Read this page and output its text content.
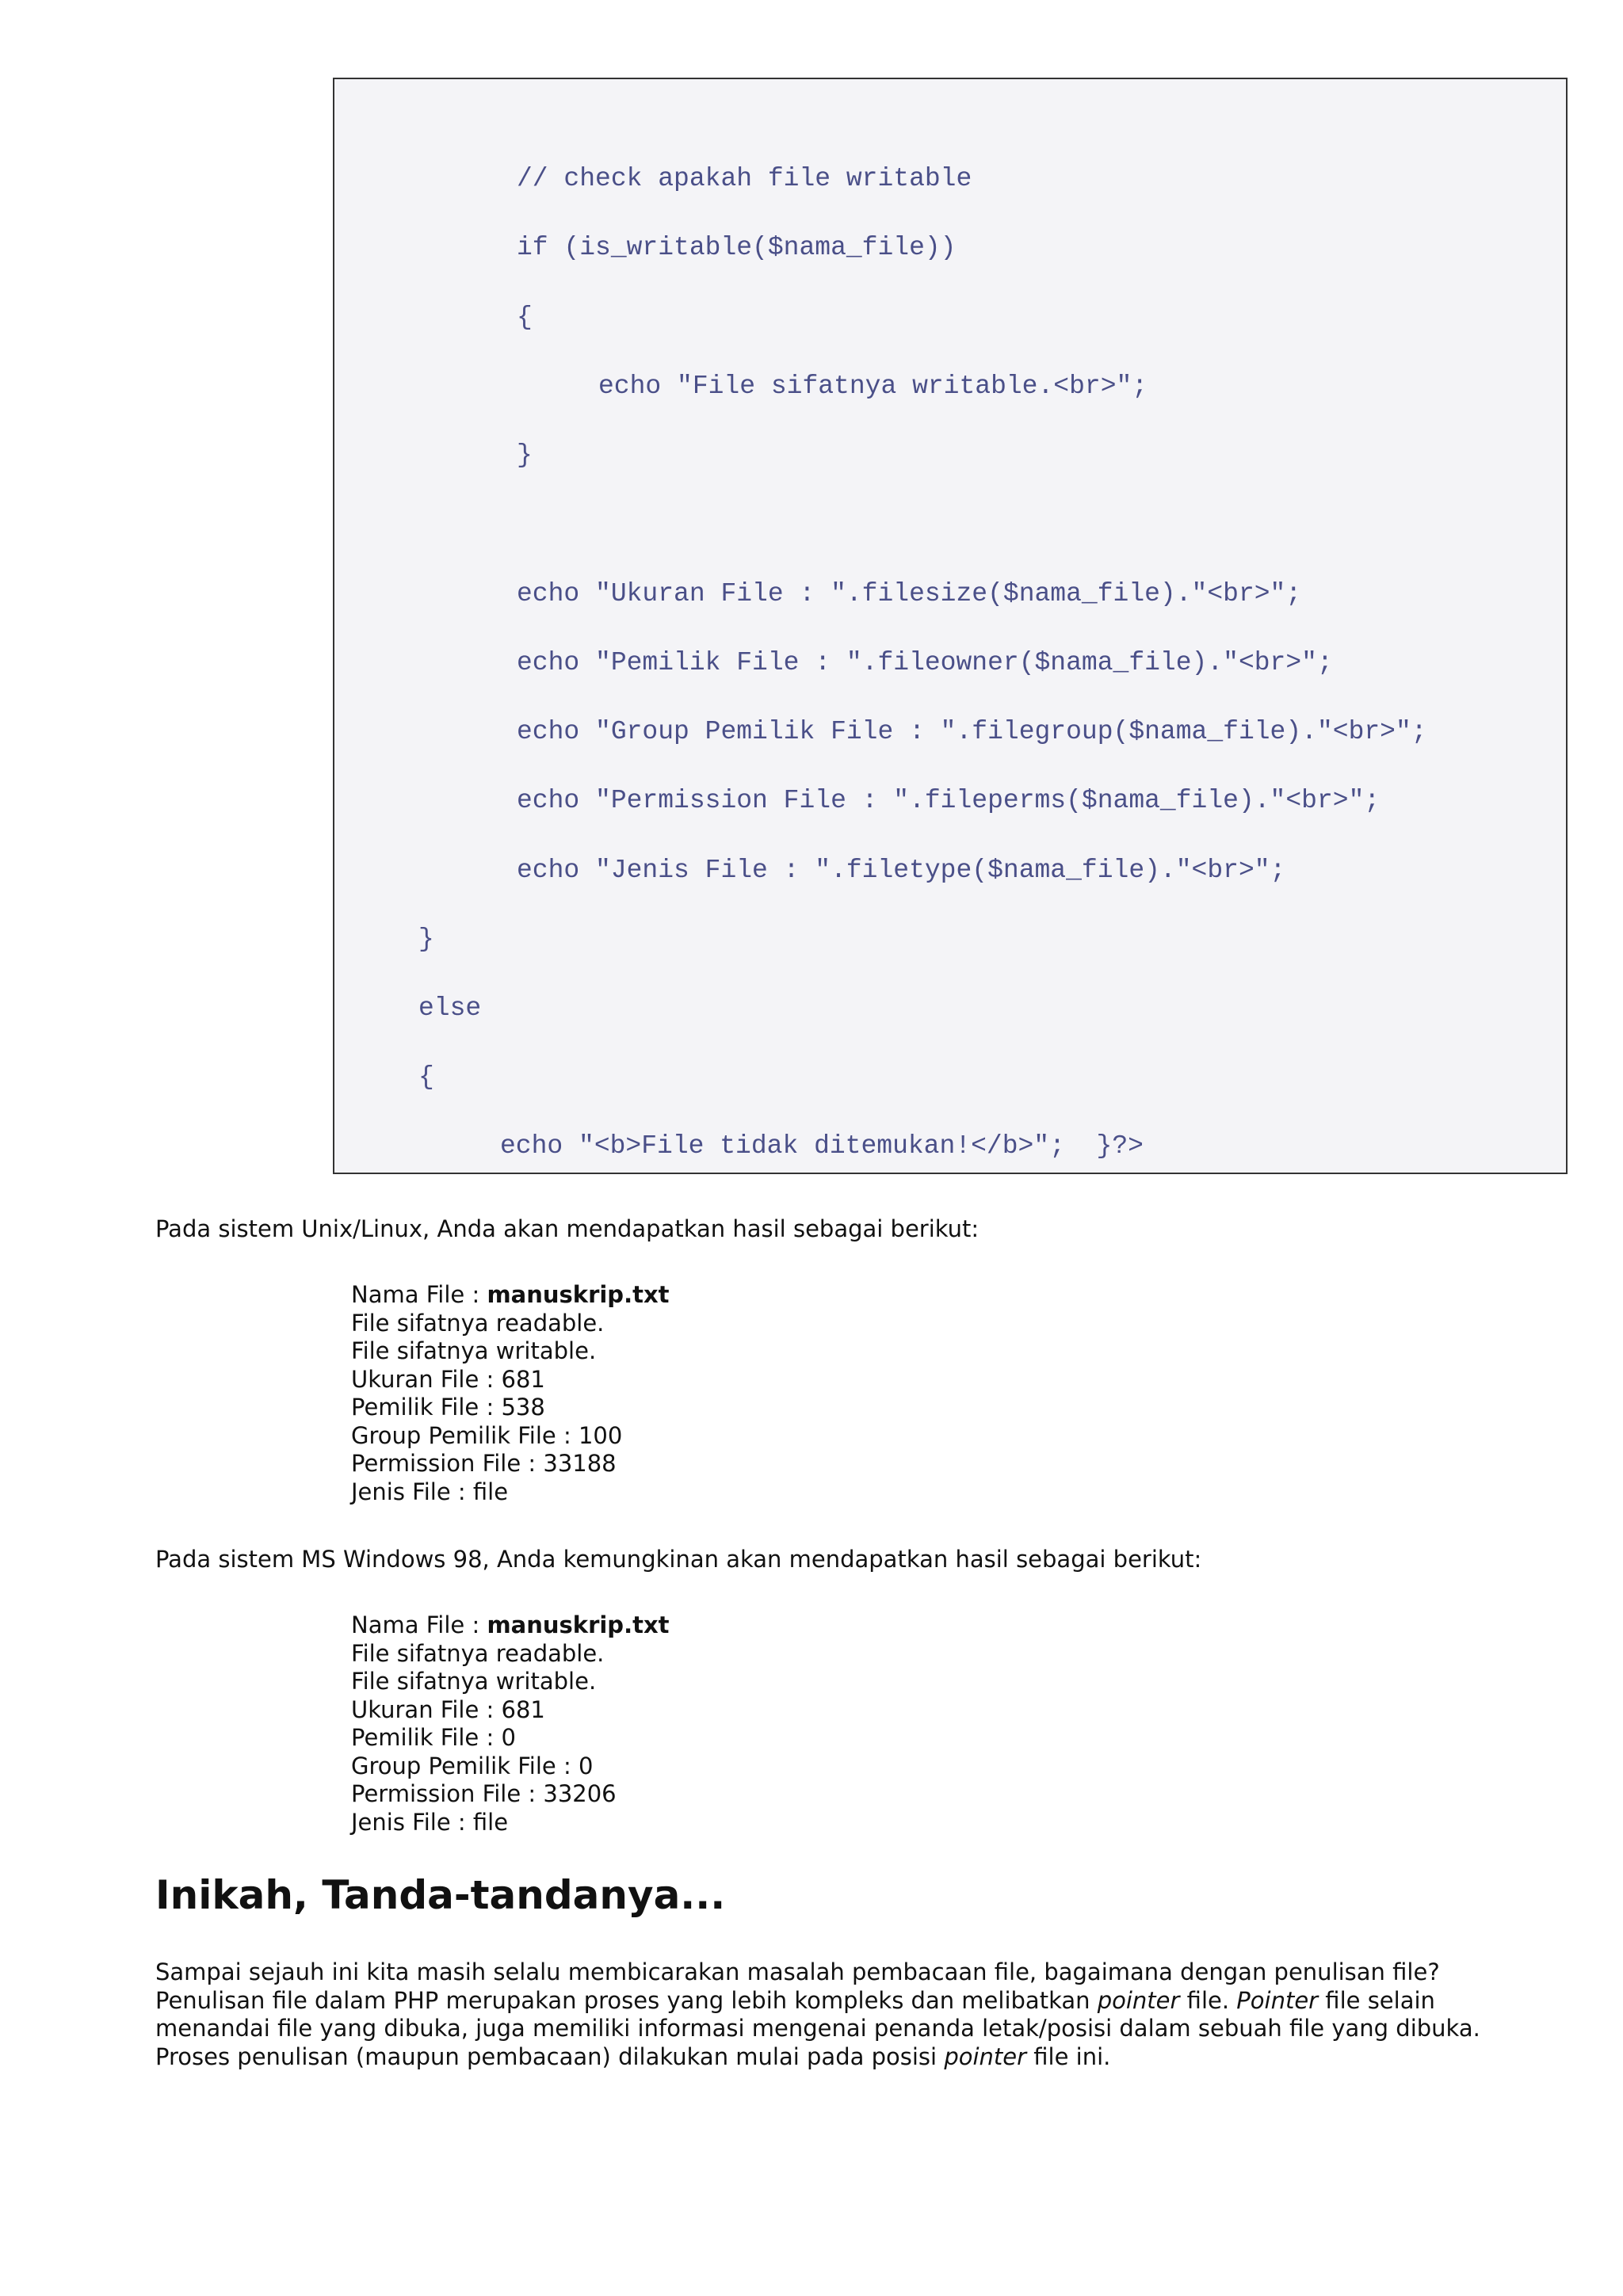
// check apakah file writable
if (is_writable($nama_file))
{
echo "File sifatnya writable.<br>";
}
echo "Ukuran File : ".filesize($nama_file)."<br>";
echo "Pemilik File : ".fileowner($nama_file)."<br>";
echo "Group Pemilik File : ".filegroup($nama_file)."<br>";
echo "Permission File : ".fileperms($nama_file)."<br>";
echo "Jenis File : ".filetype($nama_file)."<br>";
}
else
{
echo "<b>File tidak ditemukan!</b>";  }?>

Pada sistem Unix/Linux, Anda akan mendapatkan hasil sebagai berikut:

Nama File : manuskrip.txt
File sifatnya readable.
File sifatnya writable.
Ukuran File : 681
Pemilik File : 538
Group Pemilik File : 100
Permission File : 33188
Jenis File : file

Pada sistem MS Windows 98, Anda kemungkinan akan mendapatkan hasil sebagai berikut:

Nama File : manuskrip.txt
File sifatnya readable.
File sifatnya writable.
Ukuran File : 681
Pemilik File : 0
Group Pemilik File : 0
Permission File : 33206
Jenis File : file
Inikah, Tanda-tandanya...
Sampai sejauh ini kita masih selalu membicarakan masalah pembacaan file, bagaimana dengan penulisan file?
Penulisan file dalam PHP merupakan proses yang lebih kompleks dan melibatkan pointer file. Pointer file selain
menandai file yang dibuka, juga memiliki informasi mengenai penanda letak/posisi dalam sebuah file yang dibuka.
Proses penulisan (maupun pembacaan) dilakukan mulai pada posisi pointer file ini.
